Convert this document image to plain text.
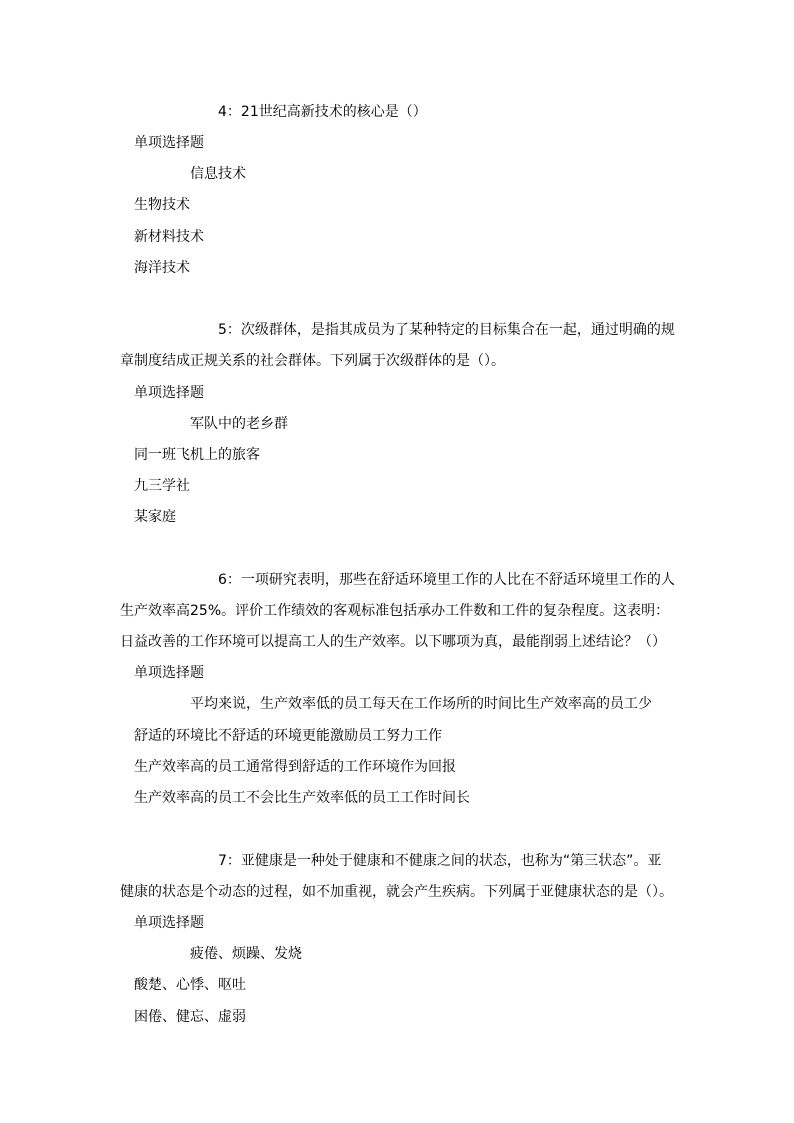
4：21世纪高新技术的核心是（）
单项选择题
信息技术
生物技术
新材料技术
海洋技术
5：次级群体，是指其成员为了某种特定的目标集合在一起，通过明确的规
章制度结成正规关系的社会群体。下列属于次级群体的是（）。
单项选择题
军队中的老乡群
同一班飞机上的旅客
九三学社
某家庭
6：一项研究表明，那些在舒适环境里工作的人比在不舒适环境里工作的人
生产效率高25%。评价工作绩效的客观标准包括承办工件数和工件的复杂程度。这表明：
日益改善的工作环境可以提高工人的生产效率。以下哪项为真，最能削弱上述结论？（）
单项选择题
平均来说，生产效率低的员工每天在工作场所的时间比生产效率高的员工少
舒适的环境比不舒适的环境更能激励员工努力工作
生产效率高的员工通常得到舒适的工作环境作为回报
生产效率高的员工不会比生产效率低的员工工作时间长
7：亚健康是一种处于健康和不健康之间的状态，也称为“第三状态”。亚
健康的状态是个动态的过程，如不加重视，就会产生疾病。下列属于亚健康状态的是（）。
单项选择题
疲倦、烦躁、发烧
酸楚、心悸、呕吐
困倦、健忘、虚弱
